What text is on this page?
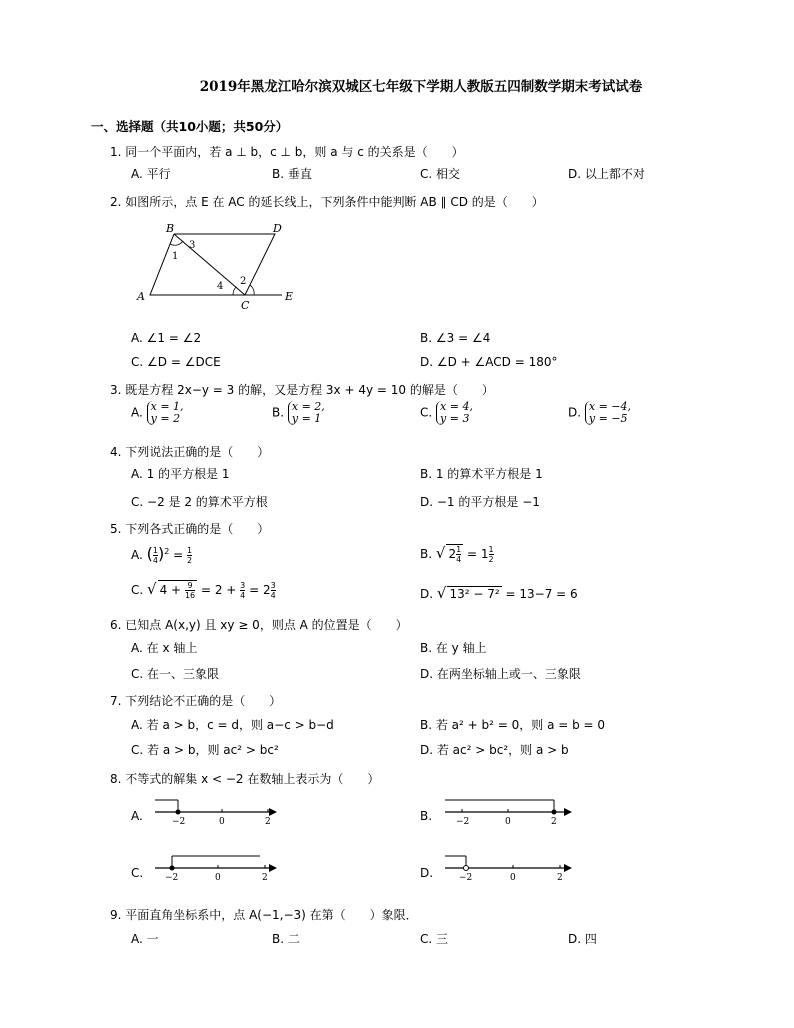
2019年黑龙江哈尔滨双城区七年级下学期人教版五四制数学期末考试试卷
一、选择题（共10小题；共50分）
1. 同一个平面内，若 a ⊥ b，c ⊥ b，则 a 与 c 的关系是（　　）
A. 平行	B. 垂直	C. 相交	D. 以上都不对
2. 如图所示，点 E 在 AC 的延长线上，下列条件中能判断 AB ∥ CD 的是（　　）
B	D
A
C
E
1
2
3
4
A. ∠1 = ∠2	B. ∠3 = ∠4
C. ∠D = ∠DCE	D. ∠D + ∠ACD = 180°
3. 既是方程 2x−y = 3 的解，又是方程 3x + 4y = 10 的解是（　　）
A. x = 1,
y = 2	B. x = 2,
y = 1	C. x = 4,
y = 3	D. x = −4,
y = −5
4. 下列说法正确的是（　　）
A. 1 的平方根是 1	B. 1 的算术平方根是 1
C. −2 是 2 的算术平方根	D. −1 的平方根是 −1
5. 下列各式正确的是（　　）
A. ( $\frac{1}{4} )^2 = \frac{1}{2}$	B. √ $2 \frac{1}{4} = 1 \frac{1}{2}$
C. √ $4 + \frac{9}{16} = 2 + \frac{3}{4} = 2 \frac{3}{4}$	D. √ 13² − 7² = 13−7 = 6
6. 已知点 A(x,y) 且 xy ≥ 0，则点 A 的位置是（　　）
A. 在 x 轴上	B. 在 y 轴上
C. 在一、三象限	D. 在两坐标轴上或一、三象限
7. 下列结论不正确的是（　　）
A. 若 a > b，c = d，则 a−c > b−d	B. 若 a² + b² = 0，则 a = b = 0
C. 若 a > b，则 ac² > bc²	D. 若 ac² > bc²，则 a > b
8. 不等式的解集 x < −2 在数轴上表示为（　　）
A.	B.
C.	D.
−2	0	2	−2	0	2
−2	0	2	−2	0	2
9. 平面直角坐标系中，点 A(−1,−3) 在第（　　）象限．
A. 一	B. 二	C. 三	D. 四
